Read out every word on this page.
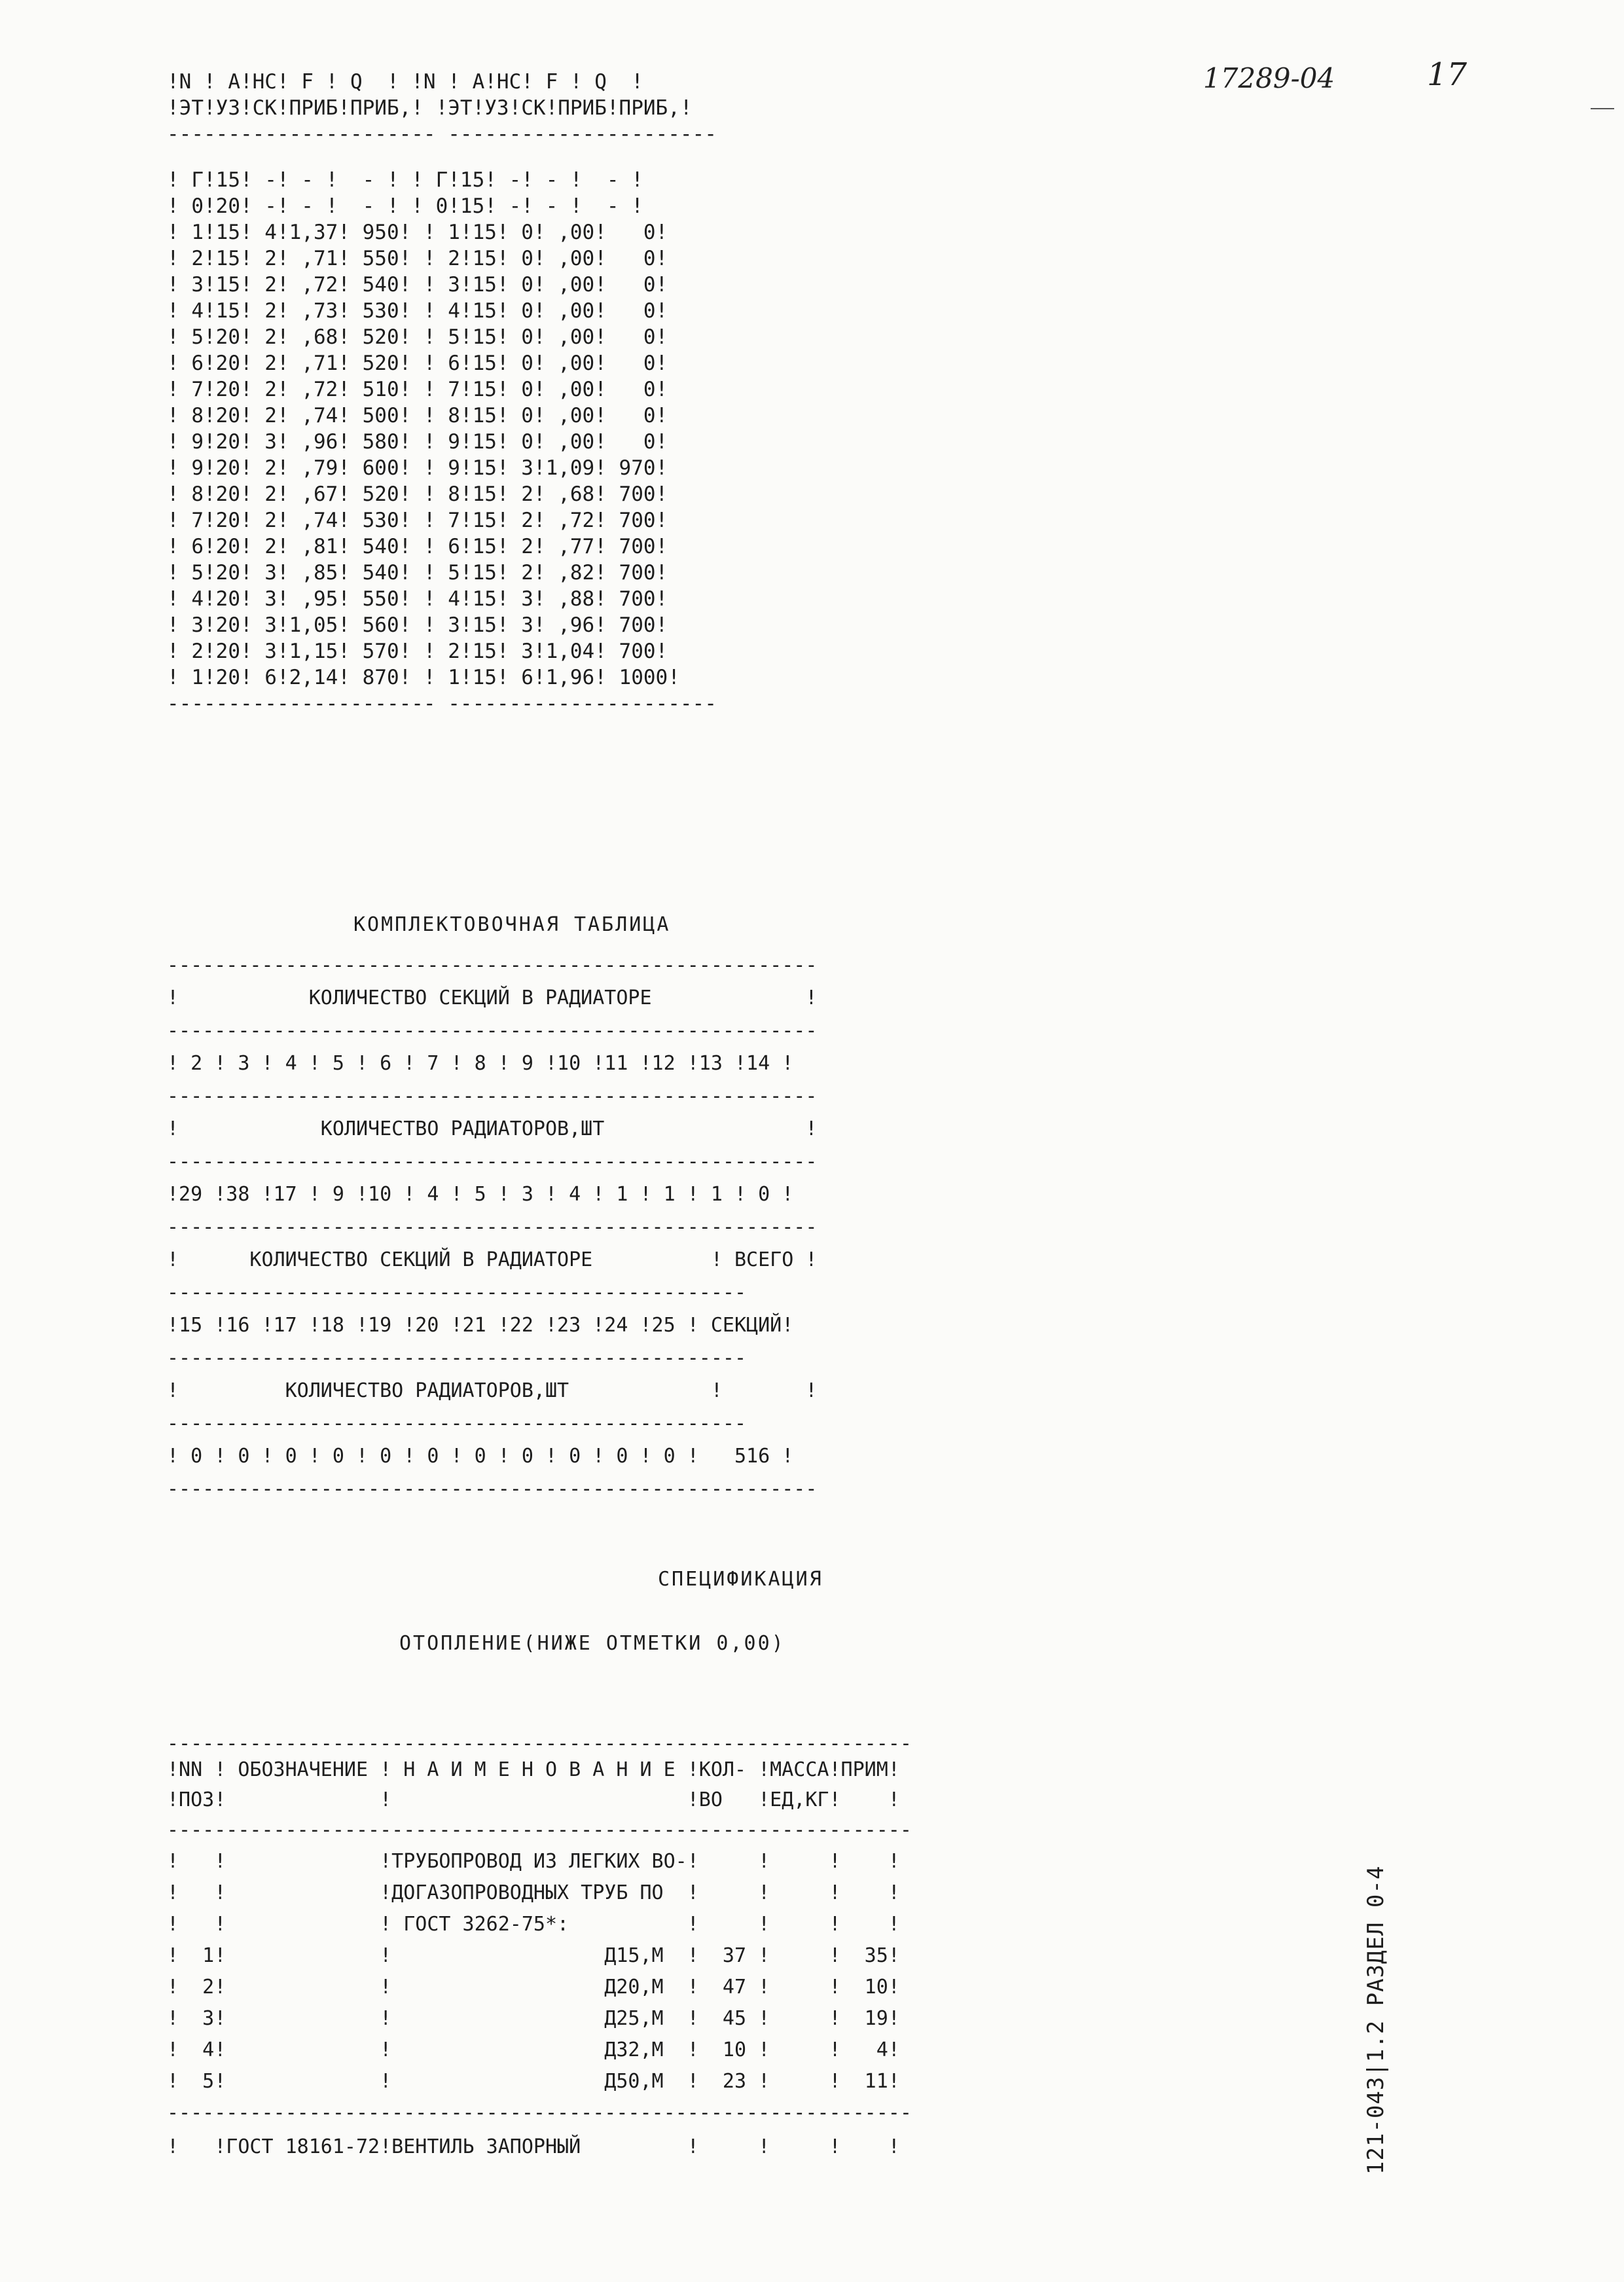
17289-04	17
!N ! A!HC! F ! Q  ! !N ! A!HC! F ! Q  !
!ЭТ!УЗ!СК!ПРИБ!ПРИБ,! !ЭТ!УЗ!СК!ПРИБ!ПРИБ,!
---------------------- ----------------------
! Г!15! -! - !  - ! ! Г!15! -! - !  - !
! 0!20! -! - !  - ! ! 0!15! -! - !  - !
! 1!15! 4!1,37! 950! ! 1!15! 0! ,00!   0!
! 2!15! 2! ,71! 550! ! 2!15! 0! ,00!   0!
! 3!15! 2! ,72! 540! ! 3!15! 0! ,00!   0!
! 4!15! 2! ,73! 530! ! 4!15! 0! ,00!   0!
! 5!20! 2! ,68! 520! ! 5!15! 0! ,00!   0!
! 6!20! 2! ,71! 520! ! 6!15! 0! ,00!   0!
! 7!20! 2! ,72! 510! ! 7!15! 0! ,00!   0!
! 8!20! 2! ,74! 500! ! 8!15! 0! ,00!   0!
! 9!20! 3! ,96! 580! ! 9!15! 0! ,00!   0!
! 9!20! 2! ,79! 600! ! 9!15! 3!1,09! 970!
! 8!20! 2! ,67! 520! ! 8!15! 2! ,68! 700!
! 7!20! 2! ,74! 530! ! 7!15! 2! ,72! 700!
! 6!20! 2! ,81! 540! ! 6!15! 2! ,77! 700!
! 5!20! 3! ,85! 540! ! 5!15! 2! ,82! 700!
! 4!20! 3! ,95! 550! ! 4!15! 3! ,88! 700!
! 3!20! 3!1,05! 560! ! 3!15! 3! ,96! 700!
! 2!20! 3!1,15! 570! ! 2!15! 3!1,04! 700!
! 1!20! 6!2,14! 870! ! 1!15! 6!1,96! 1000!
---------------------- ----------------------
КОМПЛЕКТОВОЧНАЯ ТАБЛИЦА
-------------------------------------------------------
!           КОЛИЧЕСТВО СЕКЦИЙ В РАДИАТОРЕ             !
-------------------------------------------------------
! 2 ! 3 ! 4 ! 5 ! 6 ! 7 ! 8 ! 9 !10 !11 !12 !13 !14 !
-------------------------------------------------------
!            КОЛИЧЕСТВО РАДИАТОРОВ,ШТ                 !
-------------------------------------------------------
!29 !38 !17 ! 9 !10 ! 4 ! 5 ! 3 ! 4 ! 1 ! 1 ! 1 ! 0 !
-------------------------------------------------------
!      КОЛИЧЕСТВО СЕКЦИЙ В РАДИАТОРЕ          ! ВСЕГО !
-------------------------------------------------
!15 !16 !17 !18 !19 !20 !21 !22 !23 !24 !25 ! СЕКЦИЙ!
-------------------------------------------------
!         КОЛИЧЕСТВО РАДИАТОРОВ,ШТ            !       !
-------------------------------------------------
! 0 ! 0 ! 0 ! 0 ! 0 ! 0 ! 0 ! 0 ! 0 ! 0 ! 0 !   516 !
-------------------------------------------------------
СПЕЦИФИКАЦИЯ
ОТОПЛЕНИЕ(НИЖЕ ОТМЕТКИ 0,00)
---------------------------------------------------------------
!NN ! ОБОЗНАЧЕНИЕ ! Н А И М Е Н О В А Н И Е !КОЛ- !МАССА!ПРИМ!
!ПОЗ!             !                         !ВО   !ЕД,КГ!    !
---------------------------------------------------------------
!   !             !ТРУБОПРОВОД ИЗ ЛЕГКИХ ВО-!     !     !    !
!   !             !ДОГАЗОПРОВОДНЫХ ТРУБ ПО  !     !     !    !
!   !             ! ГОСТ 3262-75*:          !     !     !    !
!  1!             !                  Д15,М  !  37 !     !  35!
!  2!             !                  Д20,М  !  47 !     !  10!
!  3!             !                  Д25,М  !  45 !     !  19!
!  4!             !                  Д32,М  !  10 !     !   4!
!  5!             !                  Д50,М  !  23 !     !  11!
---------------------------------------------------------------
!   !ГОСТ 18161-72!ВЕНТИЛЬ ЗАПОРНЫЙ         !     !     !    !	121-043|1.2 РАЗДЕЛ 0-4
